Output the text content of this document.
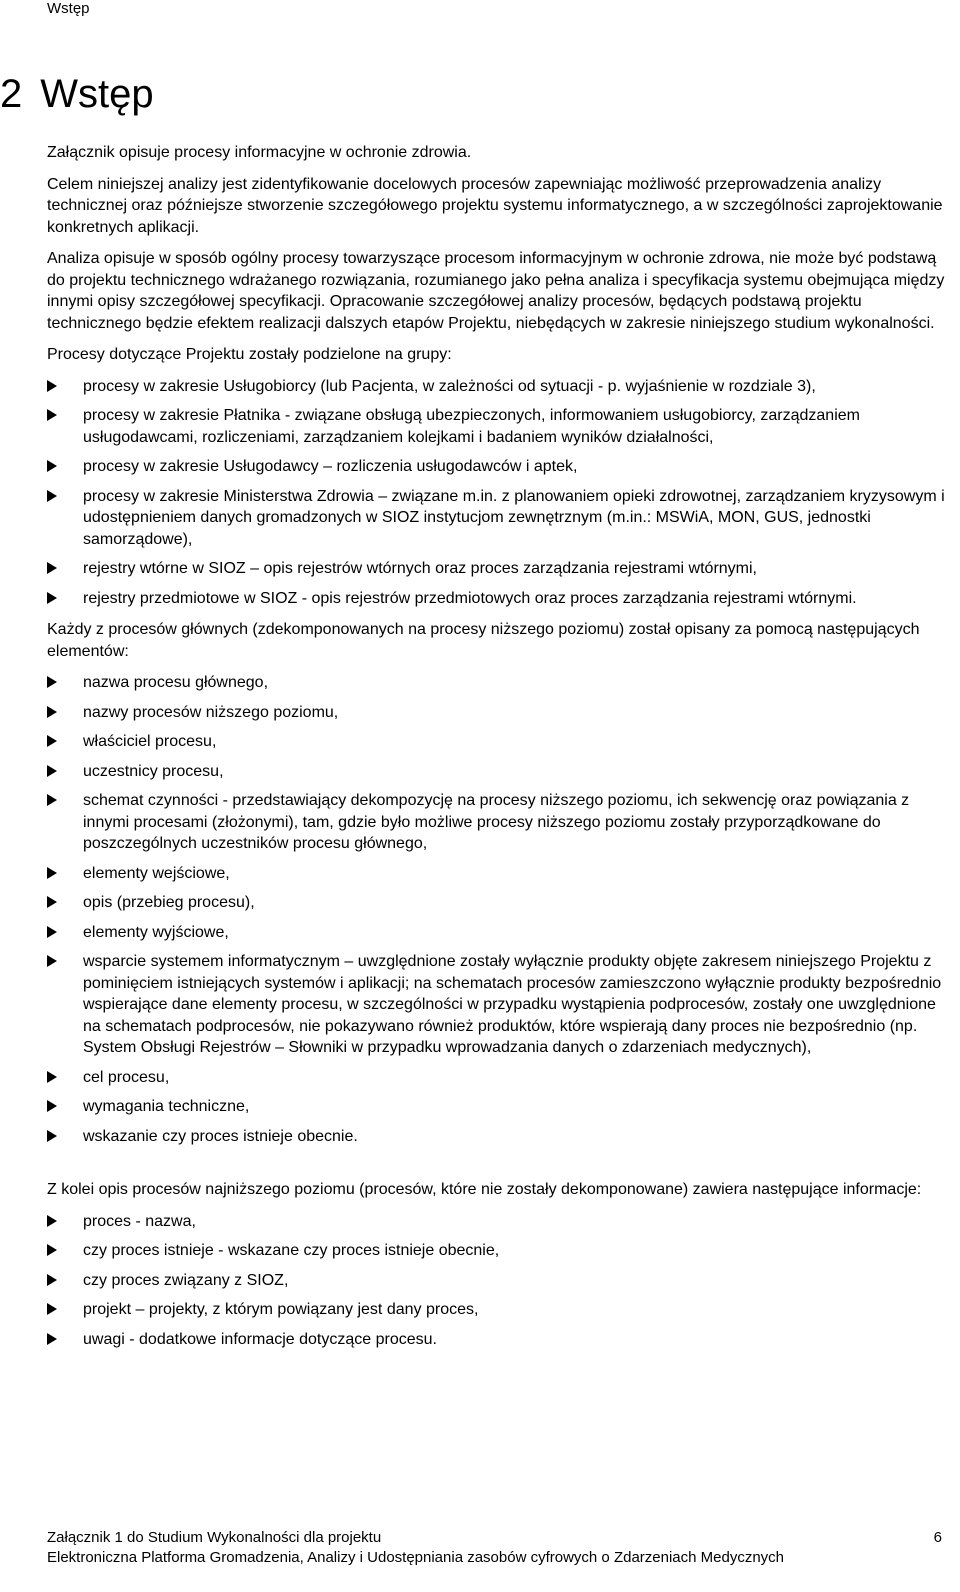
Wstęp
2 Wstęp

Załącznik opisuje procesy informacyjne w ochronie zdrowia.

Celem niniejszej analizy jest zidentyfikowanie docelowych procesów zapewniając możliwość przeprowadzenia analizy technicznej oraz późniejsze stworzenie szczegółowego projektu systemu informatycznego, a w szczególności zaprojektowanie konkretnych aplikacji.

Analiza opisuje w sposób ogólny procesy towarzyszące procesom informacyjnym w ochronie zdrowa, nie może być podstawą do projektu technicznego wdrażanego rozwiązania, rozumianego jako pełna analiza i specyfikacja systemu obejmująca między innymi opisy szczegółowej specyfikacji. Opracowanie szczegółowej analizy procesów, będących podstawą projektu technicznego będzie efektem realizacji dalszych etapów Projektu, niebędących w zakresie niniejszego studium wykonalności.

Procesy dotyczące Projektu zostały podzielone na grupy:

procesy w zakresie Usługobiorcy (lub Pacjenta, w zależności od sytuacji - p. wyjaśnienie w rozdziale 3),
procesy w zakresie Płatnika - związane obsługą ubezpieczonych, informowaniem usługobiorcy, zarządzaniem usługodawcami, rozliczeniami, zarządzaniem kolejkami i badaniem wyników działalności,
procesy w zakresie Usługodawcy – rozliczenia usługodawców i aptek,
procesy w zakresie Ministerstwa Zdrowia – związane m.in. z planowaniem opieki zdrowotnej, zarządzaniem kryzysowym i udostępnieniem danych gromadzonych w SIOZ instytucjom zewnętrznym (m.in.: MSWiA, MON, GUS, jednostki samorządowe),
rejestry wtórne w SIOZ – opis rejestrów wtórnych oraz proces zarządzania rejestrami wtórnymi,
rejestry przedmiotowe w SIOZ - opis rejestrów przedmiotowych oraz proces zarządzania rejestrami wtórnymi.

Każdy z procesów głównych (zdekomponowanych na procesy niższego poziomu) został opisany za pomocą następujących elementów:

nazwa procesu głównego,
nazwy procesów niższego poziomu,
właściciel procesu,
uczestnicy procesu,
schemat czynności - przedstawiający dekompozycję na procesy niższego poziomu, ich sekwencję oraz powiązania z innymi procesami (złożonymi), tam, gdzie było możliwe procesy niższego poziomu zostały przyporządkowane do poszczególnych uczestników procesu głównego,
elementy wejściowe,
opis (przebieg procesu),
elementy wyjściowe,
wsparcie systemem informatycznym – uwzględnione zostały wyłącznie produkty objęte zakresem niniejszego Projektu z pominięciem istniejących systemów i aplikacji; na schematach procesów zamieszczono wyłącznie produkty bezpośrednio wspierające dane elementy procesu, w szczególności w przypadku wystąpienia podprocesów, zostały one uwzględnione na schematach podprocesów, nie pokazywano również produktów, które wspierają dany proces nie bezpośrednio (np. System Obsługi Rejestrów – Słowniki w przypadku wprowadzania danych o zdarzeniach medycznych),
cel procesu,
wymagania techniczne,
wskazanie czy proces istnieje obecnie.

Z kolei opis procesów najniższego poziomu (procesów, które nie zostały dekomponowane) zawiera następujące informacje:

proces - nazwa,
czy proces istnieje - wskazane czy proces istnieje obecnie,
czy proces związany z SIOZ,
projekt – projekty, z którym powiązany jest dany proces,
uwagi - dodatkowe informacje dotyczące procesu.
Załącznik 1 do Studium Wykonalności dla projektu
Elektroniczna Platforma Gromadzenia, Analizy i Udostępniania zasobów cyfrowych o Zdarzeniach Medycznych
6
